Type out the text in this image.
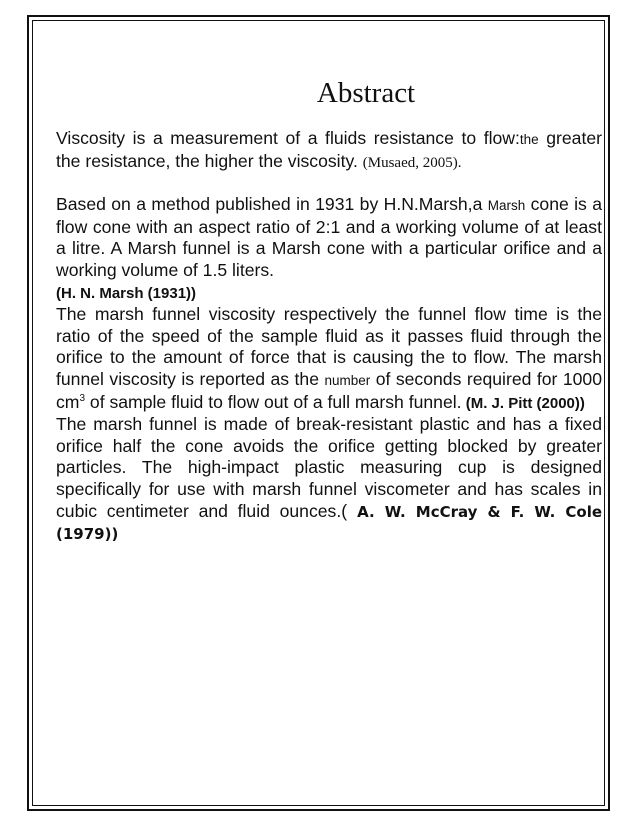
Abstract

Viscosity is a measurement of a fluids resistance to flow:the greater the resistance, the higher the viscosity. (Musaed, 2005).

Based on a method published in 1931 by H.N.Marsh,a Marsh cone is a flow cone with an aspect ratio of 2:1 and a working volume of at least a litre. A Marsh funnel is a Marsh cone with a particular orifice and a working volume of 1.5 liters.
(H. N. Marsh (1931))

The marsh funnel viscosity respectively the funnel flow time is the ratio of the speed of the sample fluid as it passes fluid through the orifice to the amount of force that is causing the to flow. The marsh funnel viscosity is reported as the number of seconds required for 1000 $cm^3$ of sample fluid to flow out of a full marsh funnel. (M. J. Pitt (2000))

The marsh funnel is made of break-resistant plastic and has a fixed orifice half the cone avoids the orifice getting blocked by greater particles. The high-impact plastic measuring cup is designed specifically for use with marsh funnel viscometer and has scales in cubic centimeter and fluid ounces.( A. W. McCray & F. W. Cole (1979))
